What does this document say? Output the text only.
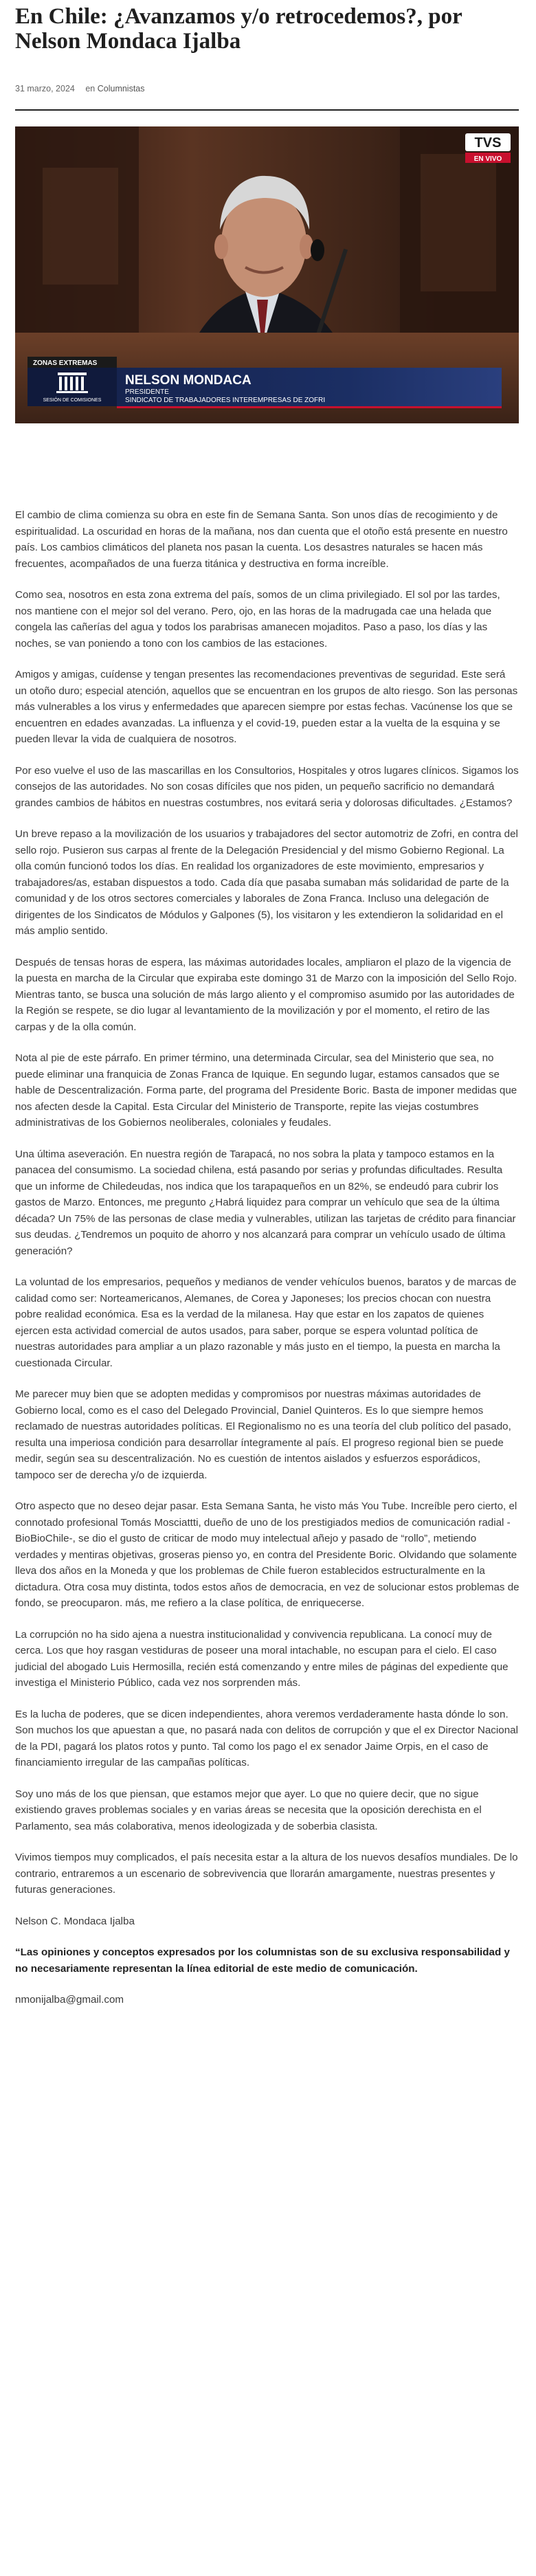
En Chile: ¿Avanzamos y/o retrocedemos?, por Nelson Mondaca Ijalba
31 marzo, 2024 en Columnistas
TVS
EN VIVO
ZONAS EXTREMAS
SESIÓN DE COMISIONES
NELSON MONDACA
PRESIDENTE
SINDICATO DE TRABAJADORES INTEREMPRESAS DE ZOFRI

El cambio de clima comienza su obra en este fin de Semana Santa. Son unos días de recogimiento y de espiritualidad. La oscuridad en horas de la mañana, nos dan cuenta que el otoño está presente en nuestro país. Los cambios climáticos del planeta nos pasan la cuenta. Los desastres naturales se hacen más frecuentes, acompañados de una fuerza titánica y destructiva en forma increíble.

Como sea, nosotros en esta zona extrema del país, somos de un clima privilegiado. El sol por las tardes, nos mantiene con el mejor sol del verano. Pero, ojo, en las horas de la madrugada cae una helada que congela las cañerías del agua y todos los parabrisas amanecen mojaditos. Paso a paso, los días y las noches, se van poniendo a tono con los cambios de las estaciones.

Amigos y amigas, cuídense y tengan presentes las recomendaciones preventivas de seguridad. Este será un otoño duro; especial atención, aquellos que se encuentran en los grupos de alto riesgo. Son las personas más vulnerables a los virus y enfermedades que aparecen siempre por estas fechas. Vacúnense los que se encuentren en edades avanzadas. La influenza y el covid-19, pueden estar a la vuelta de la esquina y se pueden llevar la vida de cualquiera de nosotros.

Por eso vuelve el uso de las mascarillas en los Consultorios, Hospitales y otros lugares clínicos. Sigamos los consejos de las autoridades. No son cosas difíciles que nos piden, un pequeño sacrificio no demandará grandes cambios de hábitos en nuestras costumbres, nos evitará seria y dolorosas dificultades. ¿Estamos?

Un breve repaso a la movilización de los usuarios y trabajadores del sector automotriz de Zofri, en contra del sello rojo. Pusieron sus carpas al frente de la Delegación Presidencial y del mismo Gobierno Regional. La olla común funcionó todos los días. En realidad los organizadores de este movimiento, empresarios y trabajadores/as, estaban dispuestos a todo. Cada día que pasaba sumaban más solidaridad de parte de la comunidad y de los otros sectores comerciales y laborales de Zona Franca. Incluso una delegación de dirigentes de los Sindicatos de Módulos y Galpones (5), los visitaron y les extendieron la solidaridad en el más amplio sentido.

Después de tensas horas de espera, las máximas autoridades locales, ampliaron el plazo de la vigencia de la puesta en marcha de la Circular que expiraba este domingo 31 de Marzo con la imposición del Sello Rojo. Mientras tanto, se busca una solución de más largo aliento y el compromiso asumido por las autoridades de la Región se respete, se dio lugar al levantamiento de la movilización y por el momento, el retiro de las carpas y de la olla común.

Nota al pie de este párrafo. En primer término, una determinada Circular, sea del Ministerio que sea, no puede eliminar una franquicia de Zonas Franca de Iquique. En segundo lugar, estamos cansados que se hable de Descentralización. Forma parte, del programa del Presidente Boric. Basta de imponer medidas que nos afecten desde la Capital. Esta Circular del Ministerio de Transporte, repite las viejas costumbres administrativas de los Gobiernos neoliberales, coloniales y feudales.

Una última aseveración. En nuestra región de Tarapacá, no nos sobra la plata y tampoco estamos en la panacea del consumismo. La sociedad chilena, está pasando por serias y profundas dificultades. Resulta que un informe de Chiledeudas, nos indica que los tarapaqueños en un 82%, se endeudó para cubrir los gastos de Marzo. Entonces, me pregunto ¿Habrá liquidez para comprar un vehículo que sea de la última década? Un 75% de las personas de clase media y vulnerables, utilizan las tarjetas de crédito para financiar sus deudas. ¿Tendremos un poquito de ahorro y nos alcanzará para comprar un vehículo usado de última generación?

La voluntad de los empresarios, pequeños y medianos de vender vehículos buenos, baratos y de marcas de calidad como ser: Norteamericanos, Alemanes, de Corea y Japoneses; los precios chocan con nuestra pobre realidad económica. Esa es la verdad de la milanesa. Hay que estar en los zapatos de quienes ejercen esta actividad comercial de autos usados, para saber, porque se espera voluntad política de nuestras autoridades para ampliar a un plazo razonable y más justo en el tiempo, la puesta en marcha la cuestionada Circular.

Me parecer muy bien que se adopten medidas y compromisos por nuestras máximas autoridades de Gobierno local, como es el caso del Delegado Provincial, Daniel Quinteros. Es lo que siempre hemos reclamado de nuestras autoridades políticas. El Regionalismo no es una teoría del club político del pasado, resulta una imperiosa condición para desarrollar íntegramente al país. El progreso regional bien se puede medir, según sea su descentralización. No es cuestión de intentos aislados y esfuerzos esporádicos, tampoco ser de derecha y/o de izquierda.

Otro aspecto que no deseo dejar pasar. Esta Semana Santa, he visto más You Tube. Increíble pero cierto, el connotado profesional Tomás Mosciattti, dueño de uno de los prestigiados medios de comunicación radial -BioBioChile-, se dio el gusto de criticar de modo muy intelectual añejo y pasado de “rollo”, metiendo verdades y mentiras objetivas, groseras pienso yo, en contra del Presidente Boric. Olvidando que solamente lleva dos años en la Moneda y que los problemas de Chile fueron establecidos estructuralmente en la dictadura. Otra cosa muy distinta, todos estos años de democracia, en vez de solucionar estos problemas de fondo, se preocuparon. más, me refiero a la clase política, de enriquecerse.

La corrupción no ha sido ajena a nuestra institucionalidad y convivencia republicana. La conocí muy de cerca. Los que hoy rasgan vestiduras de poseer una moral intachable, no escupan para el cielo. El caso judicial del abogado Luis Hermosilla, recién está comenzando y entre miles de páginas del expediente que investiga el Ministerio Público, cada vez nos sorprenden más.

Es la lucha de poderes, que se dicen independientes, ahora veremos verdaderamente hasta dónde lo son. Son muchos los que apuestan a que, no pasará nada con delitos de corrupción y que el ex Director Nacional de la PDI, pagará los platos rotos y punto. Tal como los pago el ex senador Jaime Orpis, en el caso de financiamiento irregular de las campañas políticas.

Soy uno más de los que piensan, que estamos mejor que ayer. Lo que no quiere decir, que no sigue existiendo graves problemas sociales y en varias áreas se necesita que la oposición derechista en el Parlamento, sea más colaborativa, menos ideologizada y de soberbia clasista.

Vivimos tiempos muy complicados, el país necesita estar a la altura de los nuevos desafíos mundiales. De lo contrario, entraremos a un escenario de sobrevivencia que llorarán amargamente, nuestras presentes y futuras generaciones.

Nelson C. Mondaca Ijalba

“Las opiniones y conceptos expresados por los columnistas son de su exclusiva responsabilidad y no necesariamente representan la línea editorial de este medio de comunicación.

nmonijalba@gmail.com
